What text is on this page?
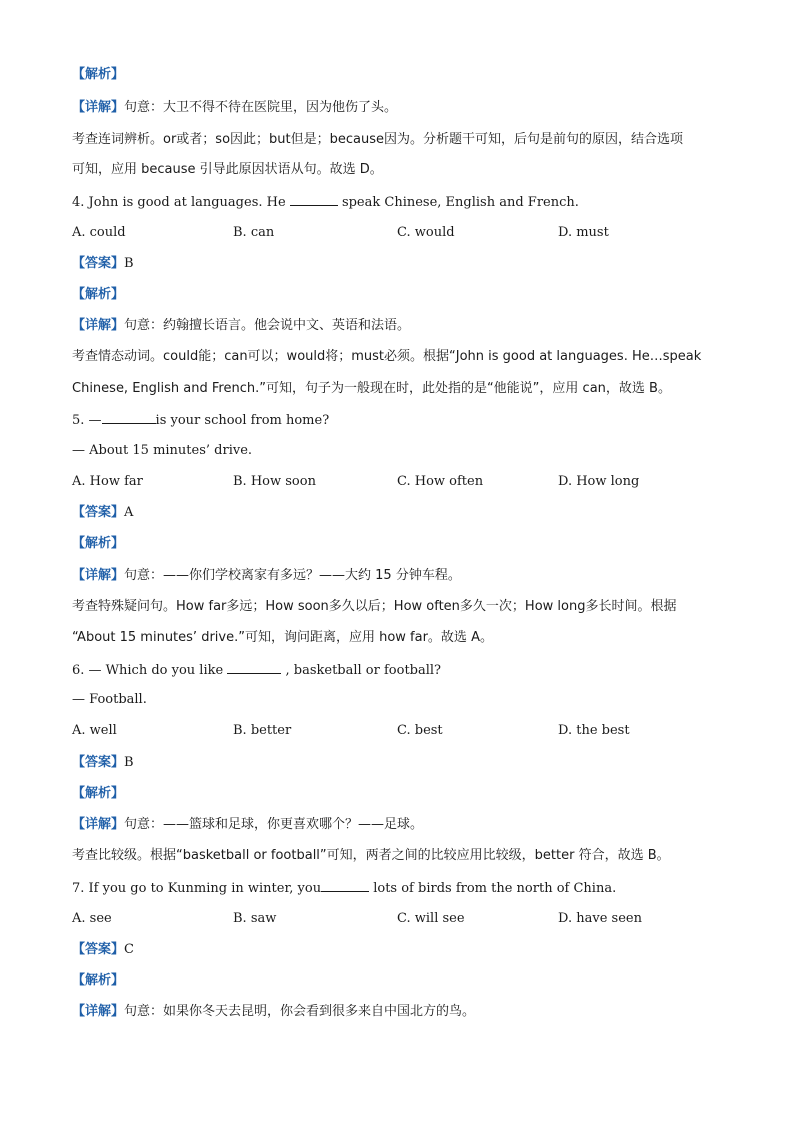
【解析】
【详解】句意：大卫不得不待在医院里，因为他伤了头。
考查连词辨析。or或者；so因此；but但是；because因为。分析题干可知，后句是前句的原因，结合选项
可知，应用 because 引导此原因状语从句。故选 D。
4. John is good at languages. He	speak Chinese, English and French.
A. could	B. can	C. would	D. must
【答案】B
【解析】
【详解】句意：约翰擅长语言。他会说中文、英语和法语。
考查情态动词。could能；can可以；would将；must必须。根据“John is good at languages. He…speak
Chinese, English and French.”可知，句子为一般现在时，此处指的是“他能说”，应用 can，故选 B。
5. —	is your school from home?
— About 15 minutes’ drive.
A. How far	B. How soon	C. How often	D. How long
【答案】A
【解析】
【详解】句意：——你们学校离家有多远？——大约 15 分钟车程。
考查特殊疑问句。How far多远；How soon多久以后；How often多久一次；How long多长时间。根据
“About 15 minutes’ drive.”可知，询问距离，应用 how far。故选 A。
6. — Which do you like	, basketball or football?
— Football.
A. well	B. better	C. best	D. the best
【答案】B
【解析】
【详解】句意：——篮球和足球，你更喜欢哪个？——足球。
考查比较级。根据“basketball or football”可知，两者之间的比较应用比较级，better 符合，故选 B。
7. If you go to Kunming in winter, you	lots of birds from the north of China.
A. see	B. saw	C. will see	D. have seen
【答案】C
【解析】
【详解】句意：如果你冬天去昆明，你会看到很多来自中国北方的鸟。
